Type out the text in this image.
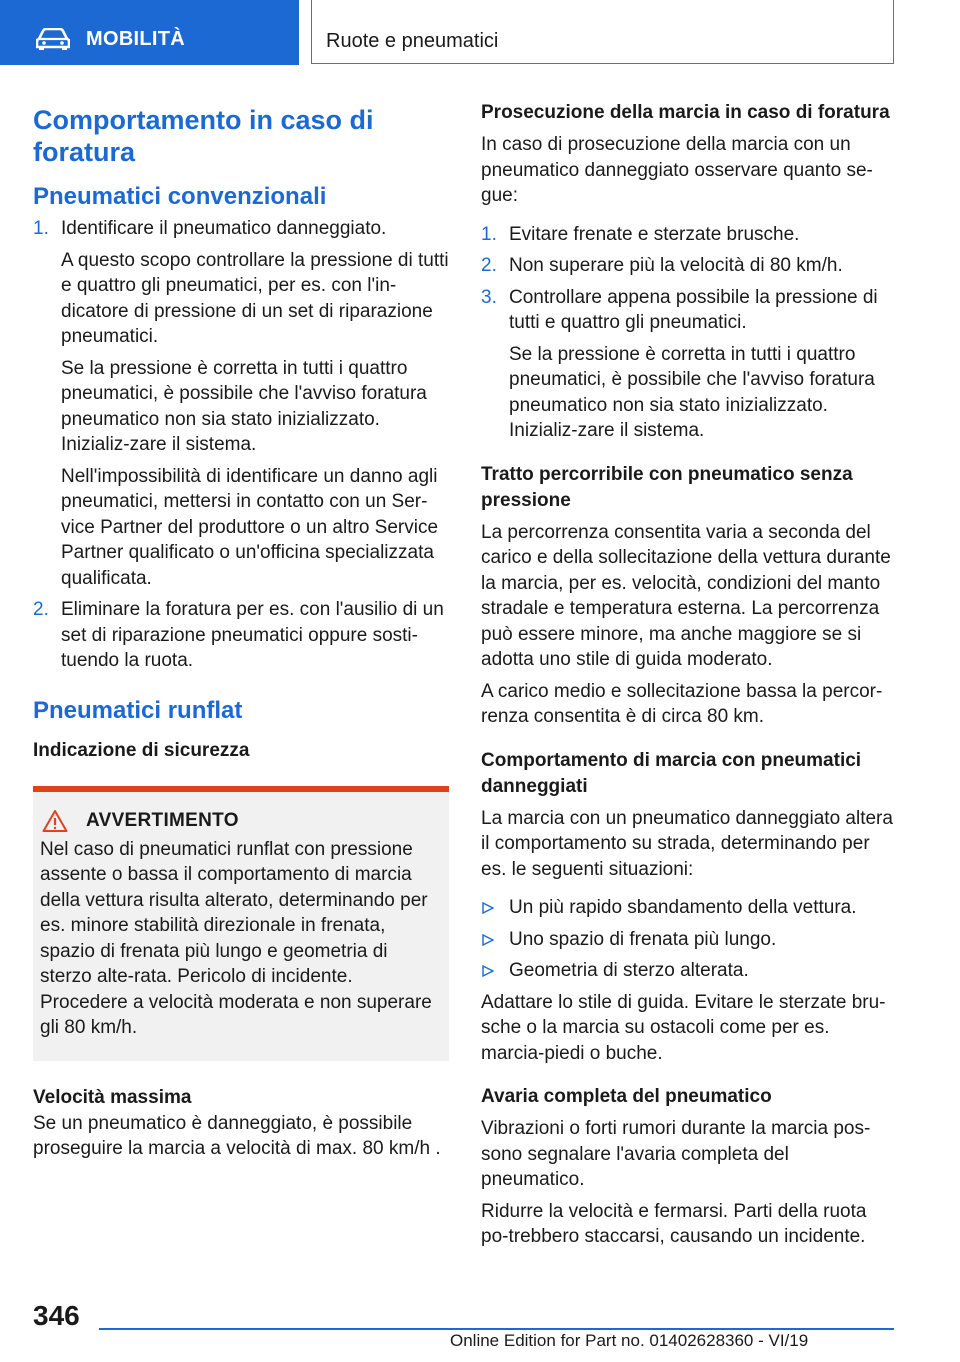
MOBILITÀ	Ruote e pneumatici
Comportamento in caso di foratura
Pneumatici convenzionali
1. Identificare il pneumatico danneggiato.

A questo scopo controllare la pressione di tutti e quattro gli pneumatici, per es. con l'in-dicatore di pressione di un set di riparazione pneumatici.

Se la pressione è corretta in tutti i quattro pneumatici, è possibile che l'avviso foratura pneumatico non sia stato inizializzato. Inizializ-zare il sistema.

Nell'impossibilità di identificare un danno agli pneumatici, mettersi in contatto con un Ser-vice Partner del produttore o un altro Service Partner qualificato o un'officina specializzata qualificata.

2. Eliminare la foratura per es. con l'ausilio di un set di riparazione pneumatici oppure sosti-tuendo la ruota.

Pneumatici runflat
Indicazione di sicurezza
AVVERTIMENTO

Nel caso di pneumatici runflat con pressione assente o bassa il comportamento di marcia della vettura risulta alterato, determinando per es. minore stabilità direzionale in frenata, spazio di frenata più lungo e geometria di sterzo alte-rata. Pericolo di incidente. Procedere a velocità moderata e non superare gli 80 km/h.

Velocità massima

Se un pneumatico è danneggiato, è possibile proseguire la marcia a velocità di max. 80 km/h .

Prosecuzione della marcia in caso di foratura

In caso di prosecuzione della marcia con un pneumatico danneggiato osservare quanto se-gue:

1. Evitare frenate e sterzate brusche.

2. Non superare più la velocità di 80 km/h.

3. Controllare appena possibile la pressione di tutti e quattro gli pneumatici.

Se la pressione è corretta in tutti i quattro pneumatici, è possibile che l'avviso foratura pneumatico non sia stato inizializzato. Inizializ-zare il sistema.

Tratto percorribile con pneumatico senza pressione

La percorrenza consentita varia a seconda del carico e della sollecitazione della vettura durante la marcia, per es. velocità, condizioni del manto stradale e temperatura esterna. La percorrenza può essere minore, ma anche maggiore se si adotta uno stile di guida moderato.

A carico medio e sollecitazione bassa la percor-renza consentita è di circa 80 km.

Comportamento di marcia con pneumatici danneggiati

La marcia con un pneumatico danneggiato altera il comportamento su strada, determinando per es. le seguenti situazioni:

Un più rapido sbandamento della vettura.

Uno spazio di frenata più lungo.

Geometria di sterzo alterata.

Adattare lo stile di guida. Evitare le sterzate bru-sche o la marcia su ostacoli come per es. marcia-piedi o buche.

Avaria completa del pneumatico

Vibrazioni o forti rumori durante la marcia pos-sono segnalare l'avaria completa del pneumatico.

Ridurre la velocità e fermarsi. Parti della ruota po-trebbero staccarsi, causando un incidente.

346
Online Edition for Part no. 01402628360 - VI/19
